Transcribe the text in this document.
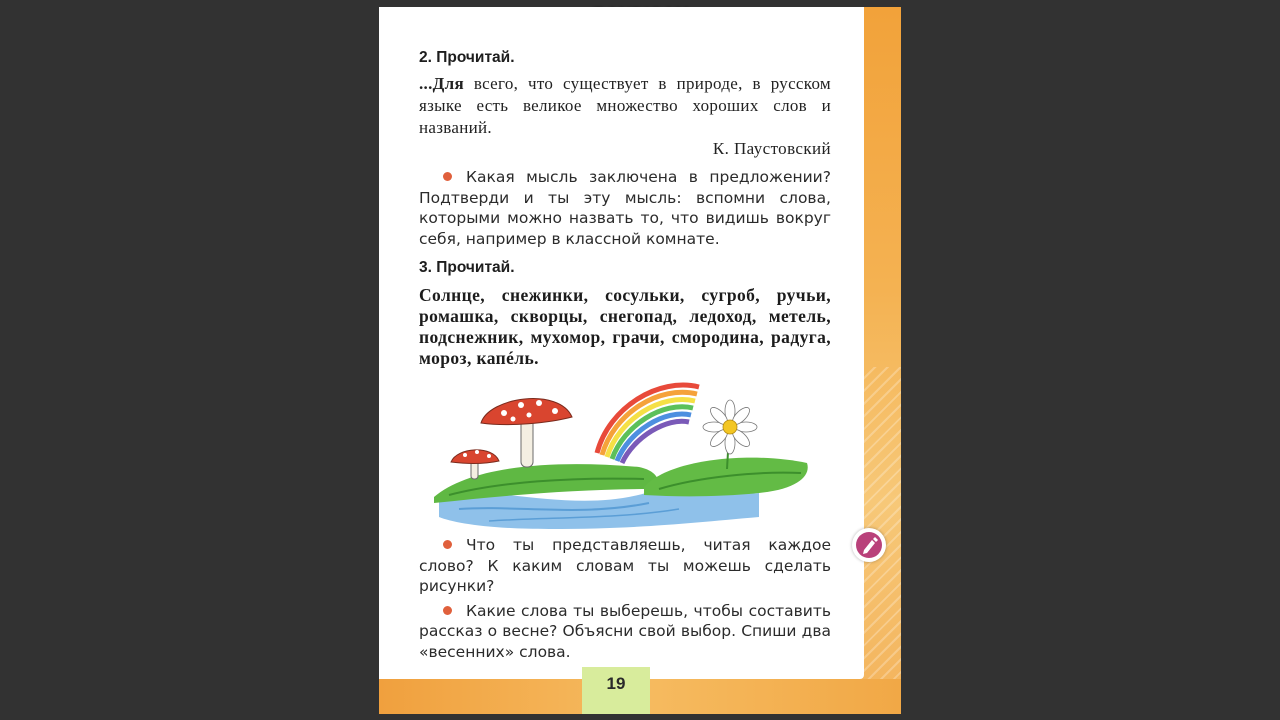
2. Прочитай.
...Для всего, что существует в природе, в русском языке есть великое множество хороших слов и названий.
К. Паустовский
Какая мысль заключена в предложении? Подтверди и ты эту мысль: вспомни слова, которыми можно назвать то, что видишь вокруг себя, например в классной комнате.
3. Прочитай.
Солнце, снежинки, сосульки, сугроб, ручьи, ромашка, скворцы, снегопад, ледоход, метель, подснежник, мухомор, грачи, смородина, радуга, мороз, капéль.
Что ты представляешь, читая каждое слово? К каким словам ты можешь сделать рисунки?
Какие слова ты выберешь, чтобы составить рассказ о весне? Объясни свой выбор. Спиши два «весенних» слова.
19
